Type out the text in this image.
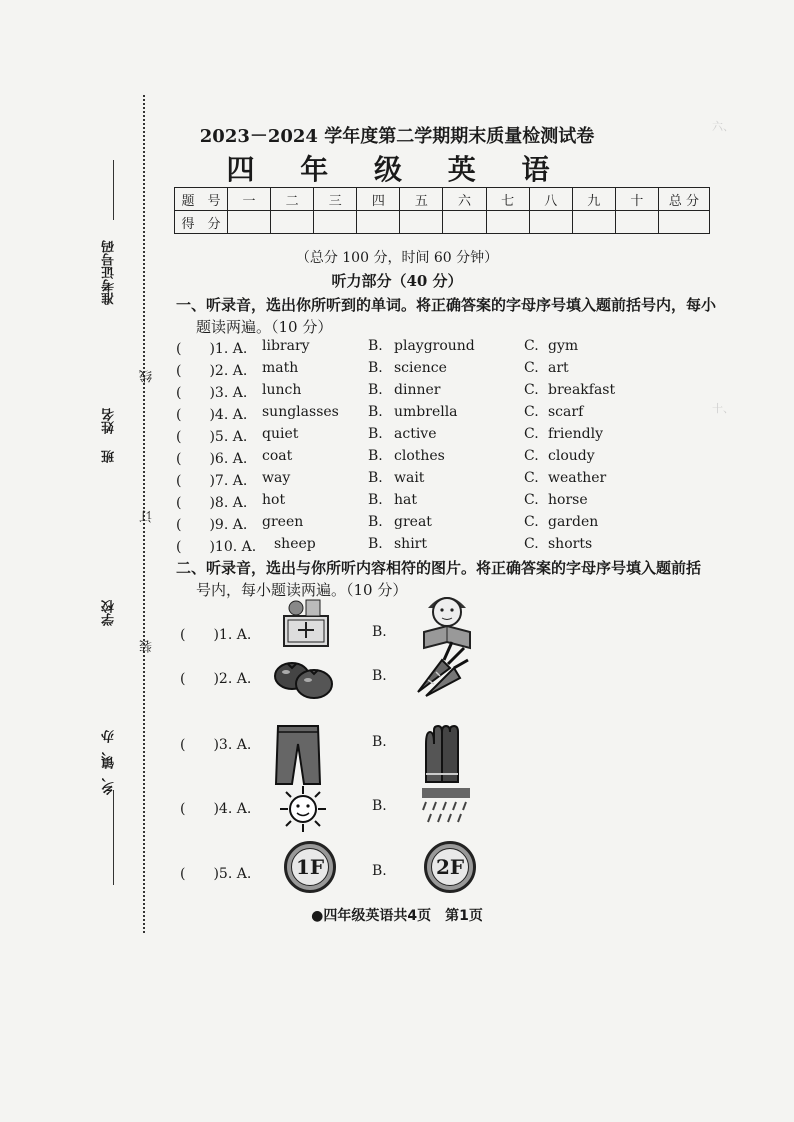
六、
十、
准考证号码
班
姓名
学校
乡、镇、办
线
订
装
2023－2024 学年度第二学期期末质量检测试卷
四 年 级 英 语
题　号	一	二	三	四	五	六	七	八	九	十	总 分
得　分											
（总分 100 分，时间 60 分钟）
听力部分（40 分）
一、听录音，选出你所听到的单词。将正确答案的字母序号填入题前括号内，每小
题读两遍。（10 分）
(　　)1. A. library	B. playground	C. gym
(　　)2. A. math	B. science	C. art
(　　)3. A. lunch	B. dinner	C. breakfast
(　　)4. A. sunglasses B. umbrella	C. scarf
(　　)5. A. quiet	B. active	C. friendly
(　　)6. A. coat	B. clothes	C. cloudy
(　　)7. A. way	B. wait	C. weather
(　　)8. A. hot	B. hat	C. horse
(　　)9. A. green	B. great	C. garden
(　　)10. A. sheep	B. shirt	C. shorts
二、听录音，选出与你所听内容相符的图片。将正确答案的字母序号填入题前括
号内，每小题读两遍。（10 分）
(　　)1. A.	B.
(　　)2. A.	B.
(　　)3. A.	B.
(　　)4. A.	B.
(　　)5. A. 1F	B. 2F
●四年级英语共4页　第1页
